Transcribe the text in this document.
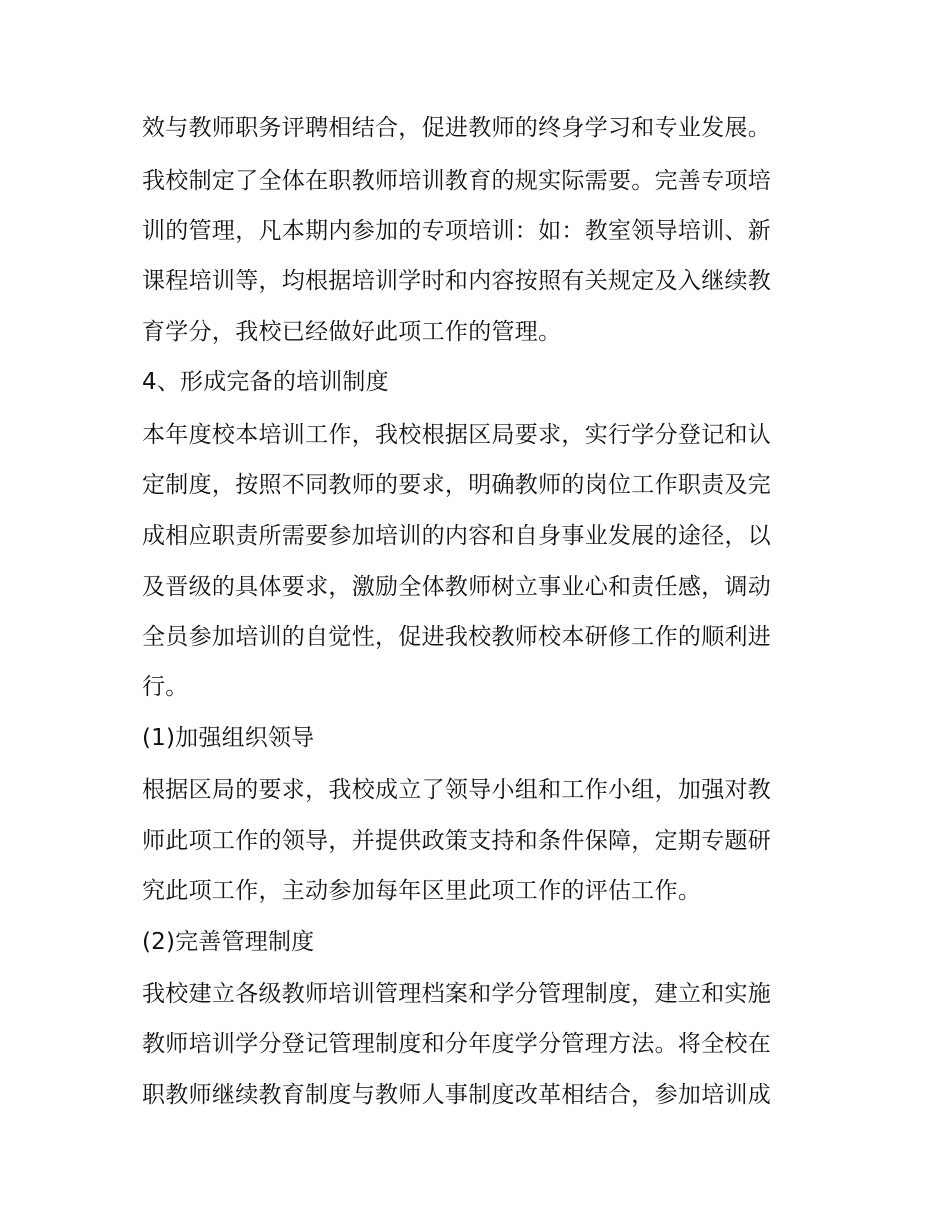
效与教师职务评聘相结合，促进教师的终身学习和专业发展。
我校制定了全体在职教师培训教育的规实际需要。完善专项培
训的管理，凡本期内参加的专项培训：如：教室领导培训、新
课程培训等，均根据培训学时和内容按照有关规定及入继续教
育学分，我校已经做好此项工作的管理。
4、形成完备的培训制度
本年度校本培训工作，我校根据区局要求，实行学分登记和认
定制度，按照不同教师的要求，明确教师的岗位工作职责及完
成相应职责所需要参加培训的内容和自身事业发展的途径，以
及晋级的具体要求，激励全体教师树立事业心和责任感，调动
全员参加培训的自觉性，促进我校教师校本研修工作的顺利进
行。
(1)加强组织领导
根据区局的要求，我校成立了领导小组和工作小组，加强对教
师此项工作的领导，并提供政策支持和条件保障，定期专题研
究此项工作，主动参加每年区里此项工作的评估工作。
(2)完善管理制度
我校建立各级教师培训管理档案和学分管理制度，建立和实施
教师培训学分登记管理制度和分年度学分管理方法。将全校在
职教师继续教育制度与教师人事制度改革相结合，参加培训成
